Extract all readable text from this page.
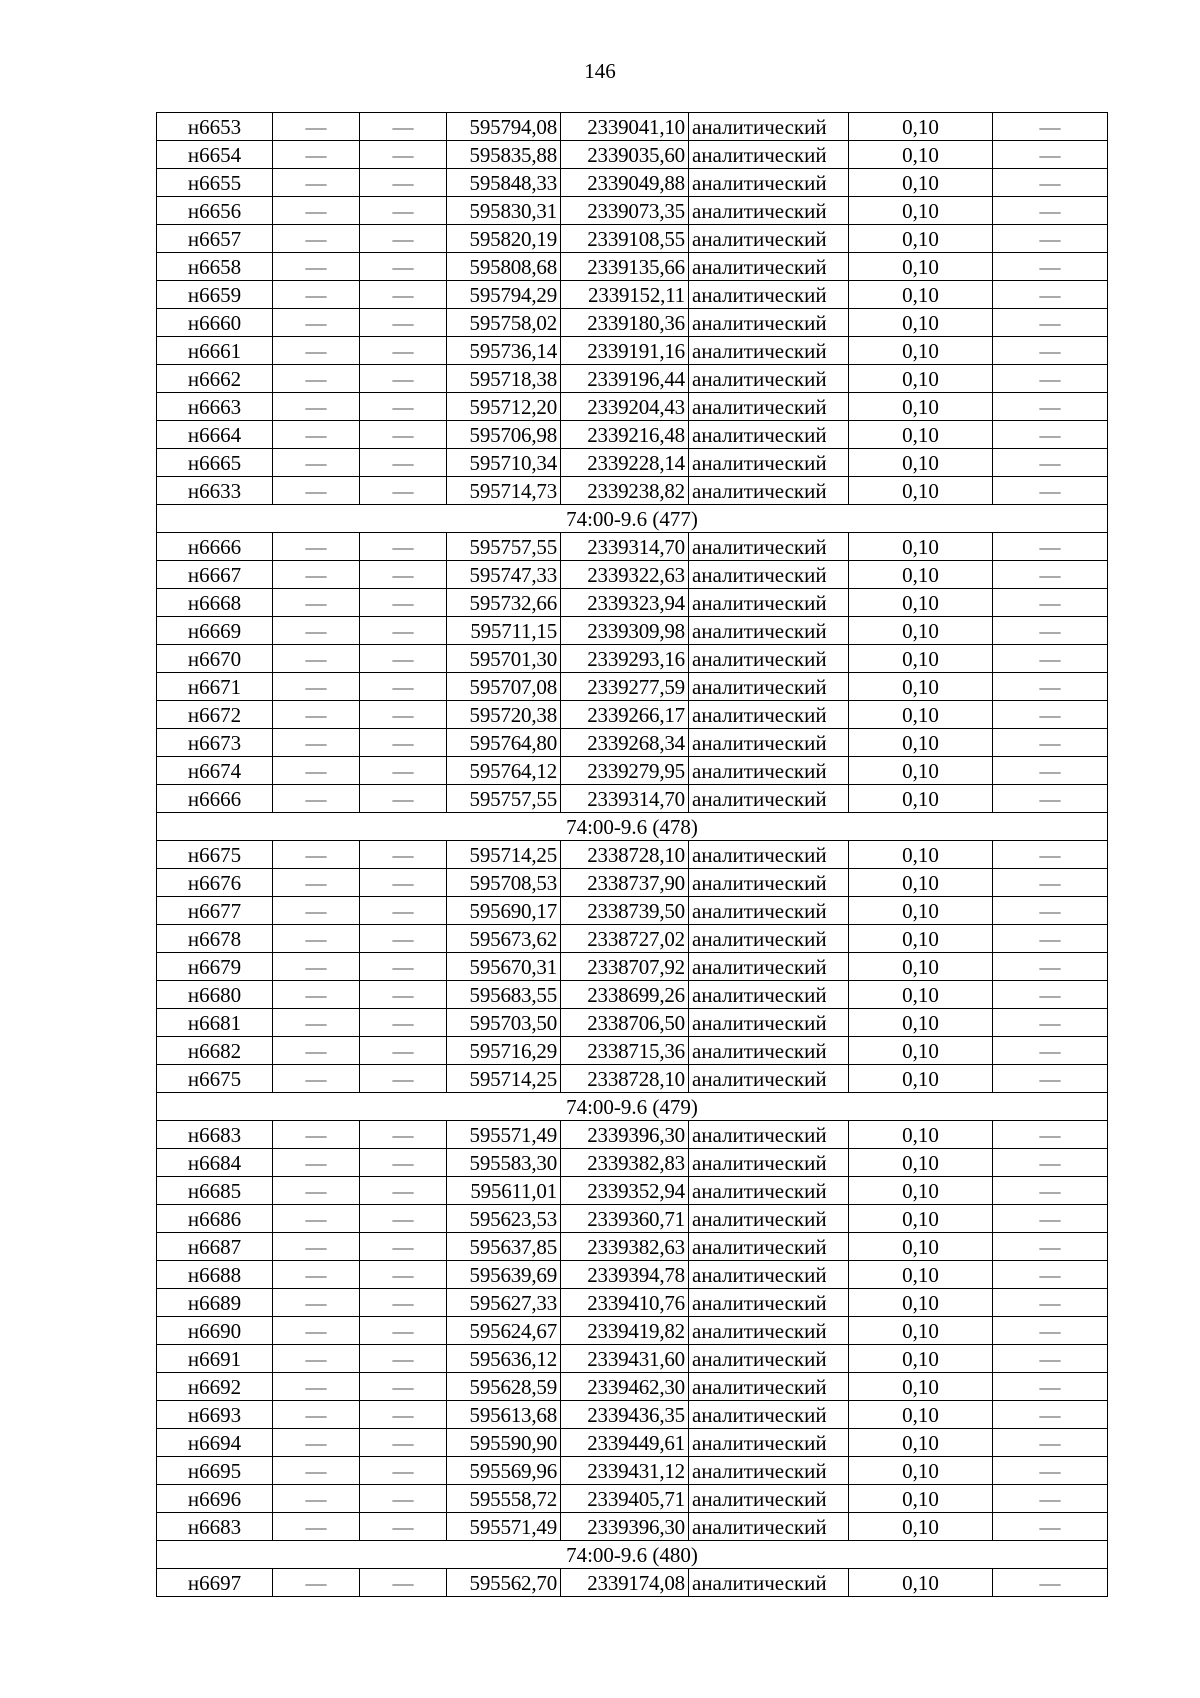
146
н6653	—	—	595794,08	2339041,10	аналитический	0,10	—
н6654	—	—	595835,88	2339035,60	аналитический	0,10	—
н6655	—	—	595848,33	2339049,88	аналитический	0,10	—
н6656	—	—	595830,31	2339073,35	аналитический	0,10	—
н6657	—	—	595820,19	2339108,55	аналитический	0,10	—
н6658	—	—	595808,68	2339135,66	аналитический	0,10	—
н6659	—	—	595794,29	2339152,11	аналитический	0,10	—
н6660	—	—	595758,02	2339180,36	аналитический	0,10	—
н6661	—	—	595736,14	2339191,16	аналитический	0,10	—
н6662	—	—	595718,38	2339196,44	аналитический	0,10	—
н6663	—	—	595712,20	2339204,43	аналитический	0,10	—
н6664	—	—	595706,98	2339216,48	аналитический	0,10	—
н6665	—	—	595710,34	2339228,14	аналитический	0,10	—
н6633	—	—	595714,73	2339238,82	аналитический	0,10	—
74:00-9.6 (477)							
н6666	—	—	595757,55	2339314,70	аналитический	0,10	—
н6667	—	—	595747,33	2339322,63	аналитический	0,10	—
н6668	—	—	595732,66	2339323,94	аналитический	0,10	—
н6669	—	—	595711,15	2339309,98	аналитический	0,10	—
н6670	—	—	595701,30	2339293,16	аналитический	0,10	—
н6671	—	—	595707,08	2339277,59	аналитический	0,10	—
н6672	—	—	595720,38	2339266,17	аналитический	0,10	—
н6673	—	—	595764,80	2339268,34	аналитический	0,10	—
н6674	—	—	595764,12	2339279,95	аналитический	0,10	—
н6666	—	—	595757,55	2339314,70	аналитический	0,10	—
74:00-9.6 (478)							
н6675	—	—	595714,25	2338728,10	аналитический	0,10	—
н6676	—	—	595708,53	2338737,90	аналитический	0,10	—
н6677	—	—	595690,17	2338739,50	аналитический	0,10	—
н6678	—	—	595673,62	2338727,02	аналитический	0,10	—
н6679	—	—	595670,31	2338707,92	аналитический	0,10	—
н6680	—	—	595683,55	2338699,26	аналитический	0,10	—
н6681	—	—	595703,50	2338706,50	аналитический	0,10	—
н6682	—	—	595716,29	2338715,36	аналитический	0,10	—
н6675	—	—	595714,25	2338728,10	аналитический	0,10	—
74:00-9.6 (479)							
н6683	—	—	595571,49	2339396,30	аналитический	0,10	—
н6684	—	—	595583,30	2339382,83	аналитический	0,10	—
н6685	—	—	595611,01	2339352,94	аналитический	0,10	—
н6686	—	—	595623,53	2339360,71	аналитический	0,10	—
н6687	—	—	595637,85	2339382,63	аналитический	0,10	—
н6688	—	—	595639,69	2339394,78	аналитический	0,10	—
н6689	—	—	595627,33	2339410,76	аналитический	0,10	—
н6690	—	—	595624,67	2339419,82	аналитический	0,10	—
н6691	—	—	595636,12	2339431,60	аналитический	0,10	—
н6692	—	—	595628,59	2339462,30	аналитический	0,10	—
н6693	—	—	595613,68	2339436,35	аналитический	0,10	—
н6694	—	—	595590,90	2339449,61	аналитический	0,10	—
н6695	—	—	595569,96	2339431,12	аналитический	0,10	—
н6696	—	—	595558,72	2339405,71	аналитический	0,10	—
н6683	—	—	595571,49	2339396,30	аналитический	0,10	—
74:00-9.6 (480)							
н6697	—	—	595562,70	2339174,08	аналитический	0,10	—
